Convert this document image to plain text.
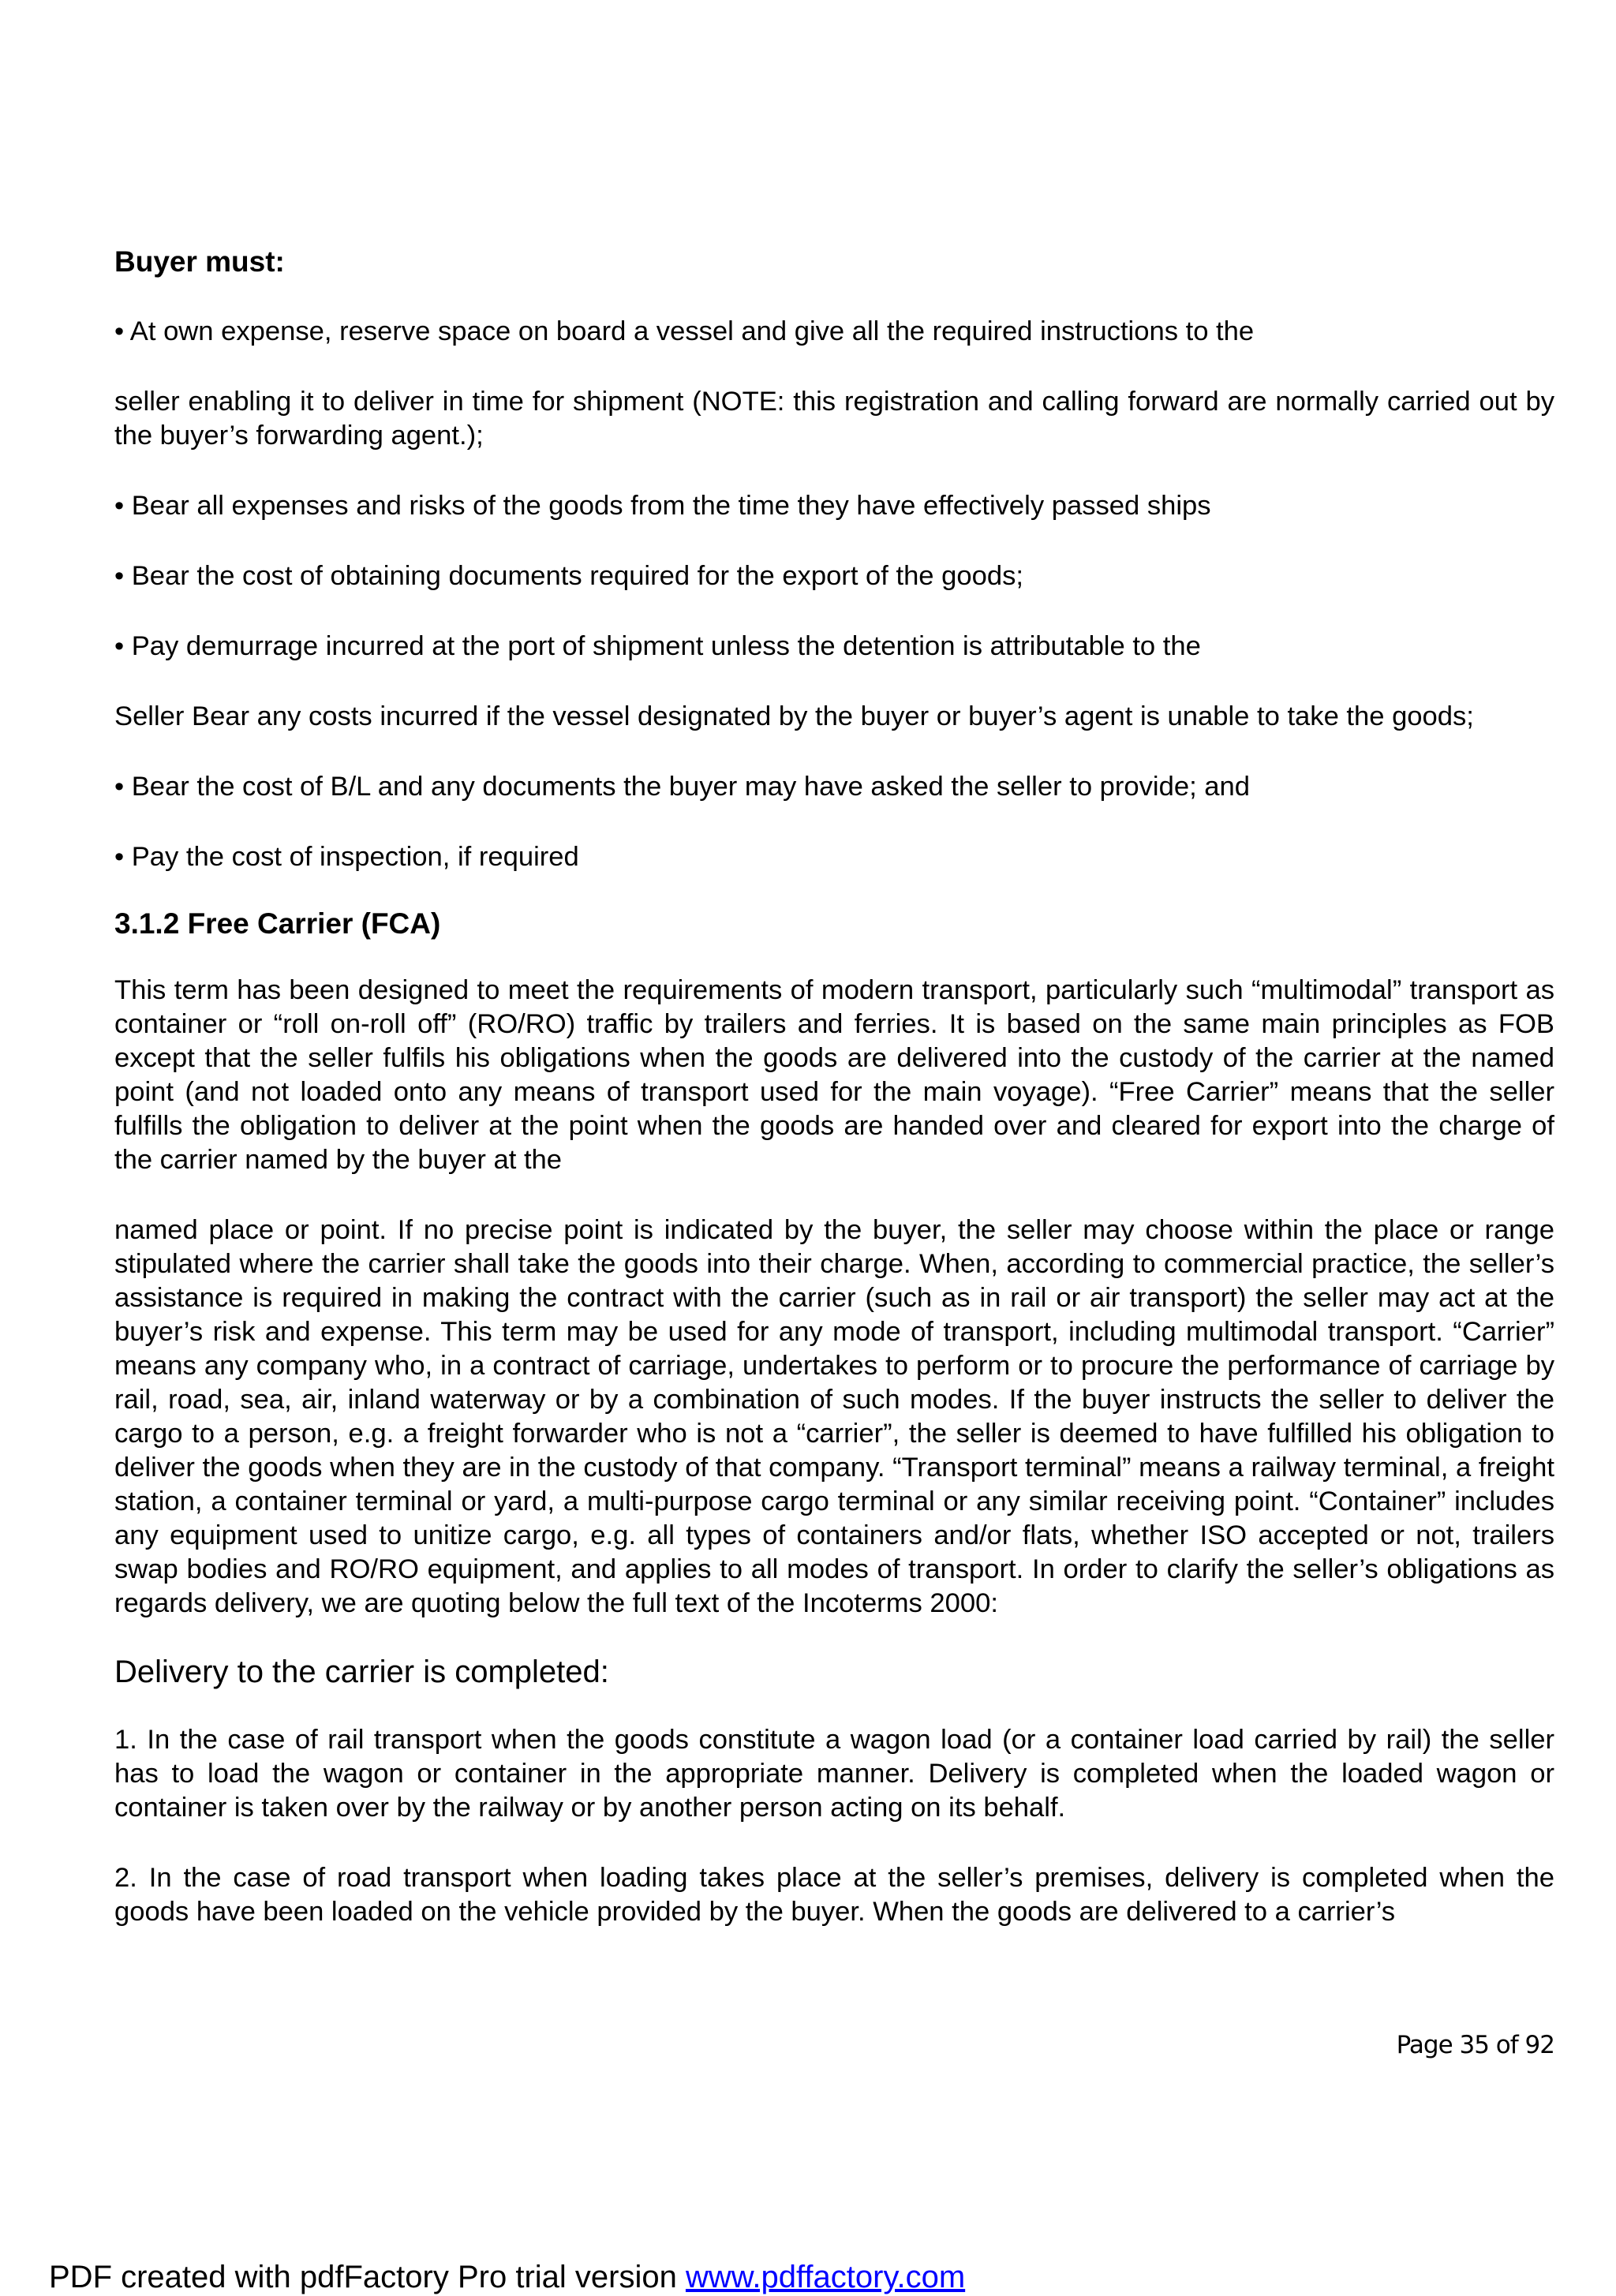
Buyer must:

• At own expense, reserve space on board a vessel and give all the required instructions to the

seller enabling it to deliver in time for shipment (NOTE: this registration and calling forward are normally carried out by the buyer’s forwarding agent.);

• Bear all expenses and risks of the goods from the time they have effectively passed ships

• Bear the cost of obtaining documents required for the export of the goods;

• Pay demurrage incurred at the port of shipment unless the detention is attributable to the

Seller Bear any costs incurred if the vessel designated by the buyer or buyer’s agent is unable to take the goods;

• Bear the cost of B/L and any documents the buyer may have asked the seller to provide; and

• Pay the cost of inspection, if required

3.1.2 Free Carrier (FCA)

This term has been designed to meet the requirements of modern transport, particularly such “multimodal” transport as container or “roll on-roll off” (RO/RO) traffic by trailers and ferries. It is based on the same main principles as FOB except that the seller fulfils his obligations when the goods are delivered into the custody of the carrier at the named point (and not loaded onto any means of transport used for the main voyage). “Free Carrier” means that the seller fulfills the obligation to deliver at the point when the goods are handed over and cleared for export into the charge of the carrier named by the buyer at the

named place or point. If no precise point is indicated by the buyer, the seller may choose within the place or range stipulated where the carrier shall take the goods into their charge. When, according to commercial practice, the seller’s assistance is required in making the contract with the carrier (such as in rail or air transport) the seller may act at the buyer’s risk and expense. This term may be used for any mode of transport, including multimodal transport. “Carrier” means any company who, in a contract of carriage, undertakes to perform or to procure the performance of carriage by rail, road, sea, air, inland waterway or by a combination of such modes. If the buyer instructs the seller to deliver the cargo to a person, e.g. a freight forwarder who is not a “carrier”, the seller is deemed to have fulfilled his obligation to deliver the goods when they are in the custody of that company. “Transport terminal” means a railway terminal, a freight station, a container terminal or yard, a multi-purpose cargo terminal or any similar receiving point. “Container” includes any equipment used to unitize cargo, e.g. all types of containers and/or flats, whether ISO accepted or not, trailers swap bodies and RO/RO equipment, and applies to all modes of transport. In order to clarify the seller’s obligations as regards delivery, we are quoting below the full text of the Incoterms 2000:

Delivery to the carrier is completed:

1. In the case of rail transport when the goods constitute a wagon load (or a container load carried by rail) the seller has to load the wagon or container in the appropriate manner. Delivery is completed when the loaded wagon or container is taken over by the railway or by another person acting on its behalf.

2. In the case of road transport when loading takes place at the seller’s premises, delivery is completed when the goods have been loaded on the vehicle provided by the buyer. When the goods are delivered to a carrier’s

Page 35 of 92
PDF created with pdfFactory Pro trial version www.pdffactory.com
